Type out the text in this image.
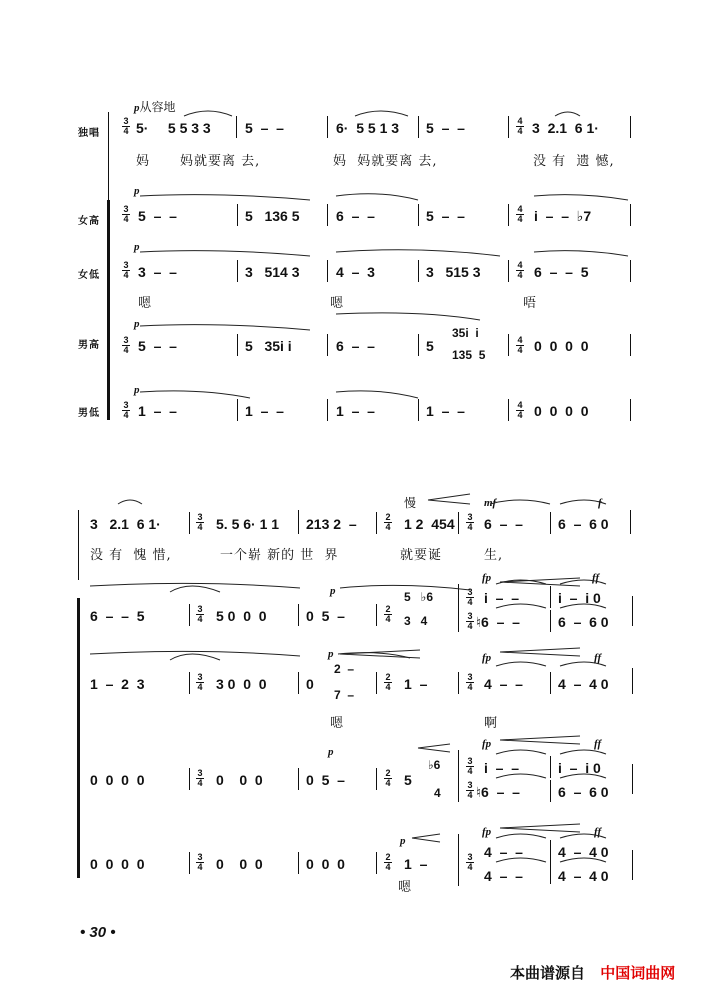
p从容地
独唱
女高
女低
男高
男低
3
4 5·     5 5 3 3 5  –  –	6·  5 5 1 3 5  –  –	4
4 3  2.1  6 1·
妈 妈就要离 去,	妈  妈就要离 去,	没 有  遗 憾,
p
3
4 5  –  –	5   136 5	6  –  –	5  –  –	4
4 i  –  –  ♭7
p
3
4 3  –  –	3   514 3	4  –  3	3   515 3	4
4 6  –  –  5
嗯	嗯	唔
p
3
4 5  –  –	5   35i i	6  –  –	5
35i  i
135  5
4
4 0  0  0  0
p
3
4 1  –  –	1  –  –	1  –  –	1  –  –	4
4 0  0  0  0
慢
3   2.1  6 1·	3
4 5. 5 6· 1 1 213 2  –	2
4 1 2  454 3
4
mf
6  –  –
f
6  –  6 0
没 有  愧 惜,	一个崭 新的 世  界	就要诞	生,
6  –  –  5	3
4 5 0  0  0
p
0  5  –	2
4
5   ♭6
3   4
fp	ff
3
4 i  –  –	i  –  i 0
3
4 ♮6  –  –	6  –  6 0
1  –  2  3	3
4 3 0  0  0
p
0
2  –
7  –
2
4 1  –
fp	ff
3
4 4  –  –	4  –  4 0
嗯	啊
0  0  0  0	3
4 0    0  0
p
0  5  –	2
4 5
♭6
4
fp	ff
3
4 i  –  –	i  –  i 0
3
4 ♮6  –  –	6  –  6 0
0  0  0  0	3
4 0    0  0	0  0  0
p
2
4 1  –
fp	ff
3
4
4  –  –	4  –  4 0
4  –  –	4  –  4 0
嗯
• 30 •
本曲谱源自 中国词曲网
